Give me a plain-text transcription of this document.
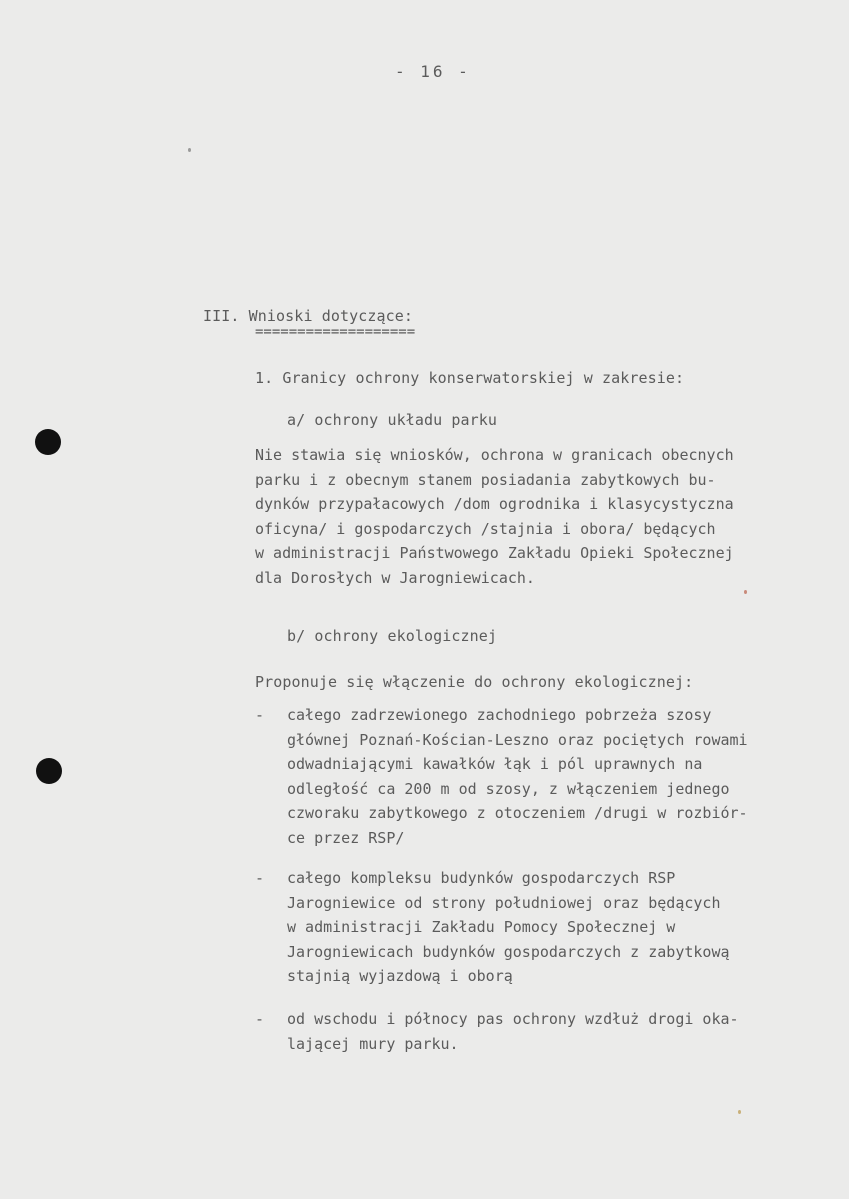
- 16 -
III. Wnioski dotyczące:
===================
1. Granicy ochrony konserwatorskiej w zakresie:
a/ ochrony układu parku
Nie stawia się wniosków, ochrona w granicach obecnych
parku i z obecnym stanem posiadania zabytkowych bu-
dynków przypałacowych /dom ogrodnika i klasycystyczna
oficyna/ i gospodarczych /stajnia i obora/ będących
w administracji Państwowego Zakładu Opieki Społecznej
dla Dorosłych w Jarogniewicach.
b/ ochrony ekologicznej
Proponuje się włączenie do ochrony ekologicznej:
- całego zadrzewionego zachodniego pobrzeża szosy
głównej Poznań-Kościan-Leszno oraz pociętych rowami
odwadniającymi kawałków łąk i pól uprawnych na
odległość ca 200 m od szosy, z włączeniem jednego
czworaku zabytkowego z otoczeniem /drugi w rozbiór-
ce przez RSP/
- całego kompleksu budynków gospodarczych RSP
Jarogniewice od strony południowej oraz będących
w administracji Zakładu Pomocy Społecznej w
Jarogniewicach budynków gospodarczych z zabytkową
stajnią wyjazdową i oborą
- od wschodu i północy pas ochrony wzdłuż drogi oka-
lającej mury parku.
